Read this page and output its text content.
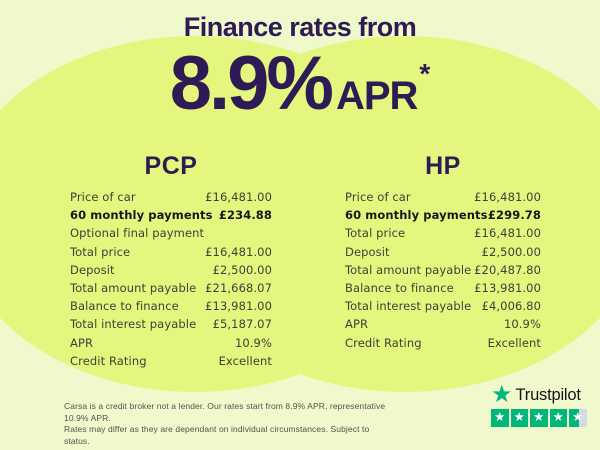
Finance rates from
8.9% APR
*
PCP
Price of car	£16,481.00
60 monthly payments £234.88
Optional final payment
Total price	£16,481.00
Deposit	£2,500.00
Total amount payable £21,668.07
Balance to finance £13,981.00
Total interest payable £5,187.07
APR	10.9%
Credit Rating	Excellent
HP
Price of car	£16,481.00
60 monthly payments £299.78
Total price	£16,481.00
Deposit	£2,500.00
Total amount payable £20,487.80
Balance to finance £13,981.00
Total interest payable £4,006.80
APR	10.9%
Credit Rating	Excellent
Carsa is a credit broker not a lender. Our rates start from 8.9% APR, representative 10.9% APR.
Rates may differ as they are dependant on individual circumstances. Subject to status.
★ Trustpilot
★ ★ ★ ★ ★
